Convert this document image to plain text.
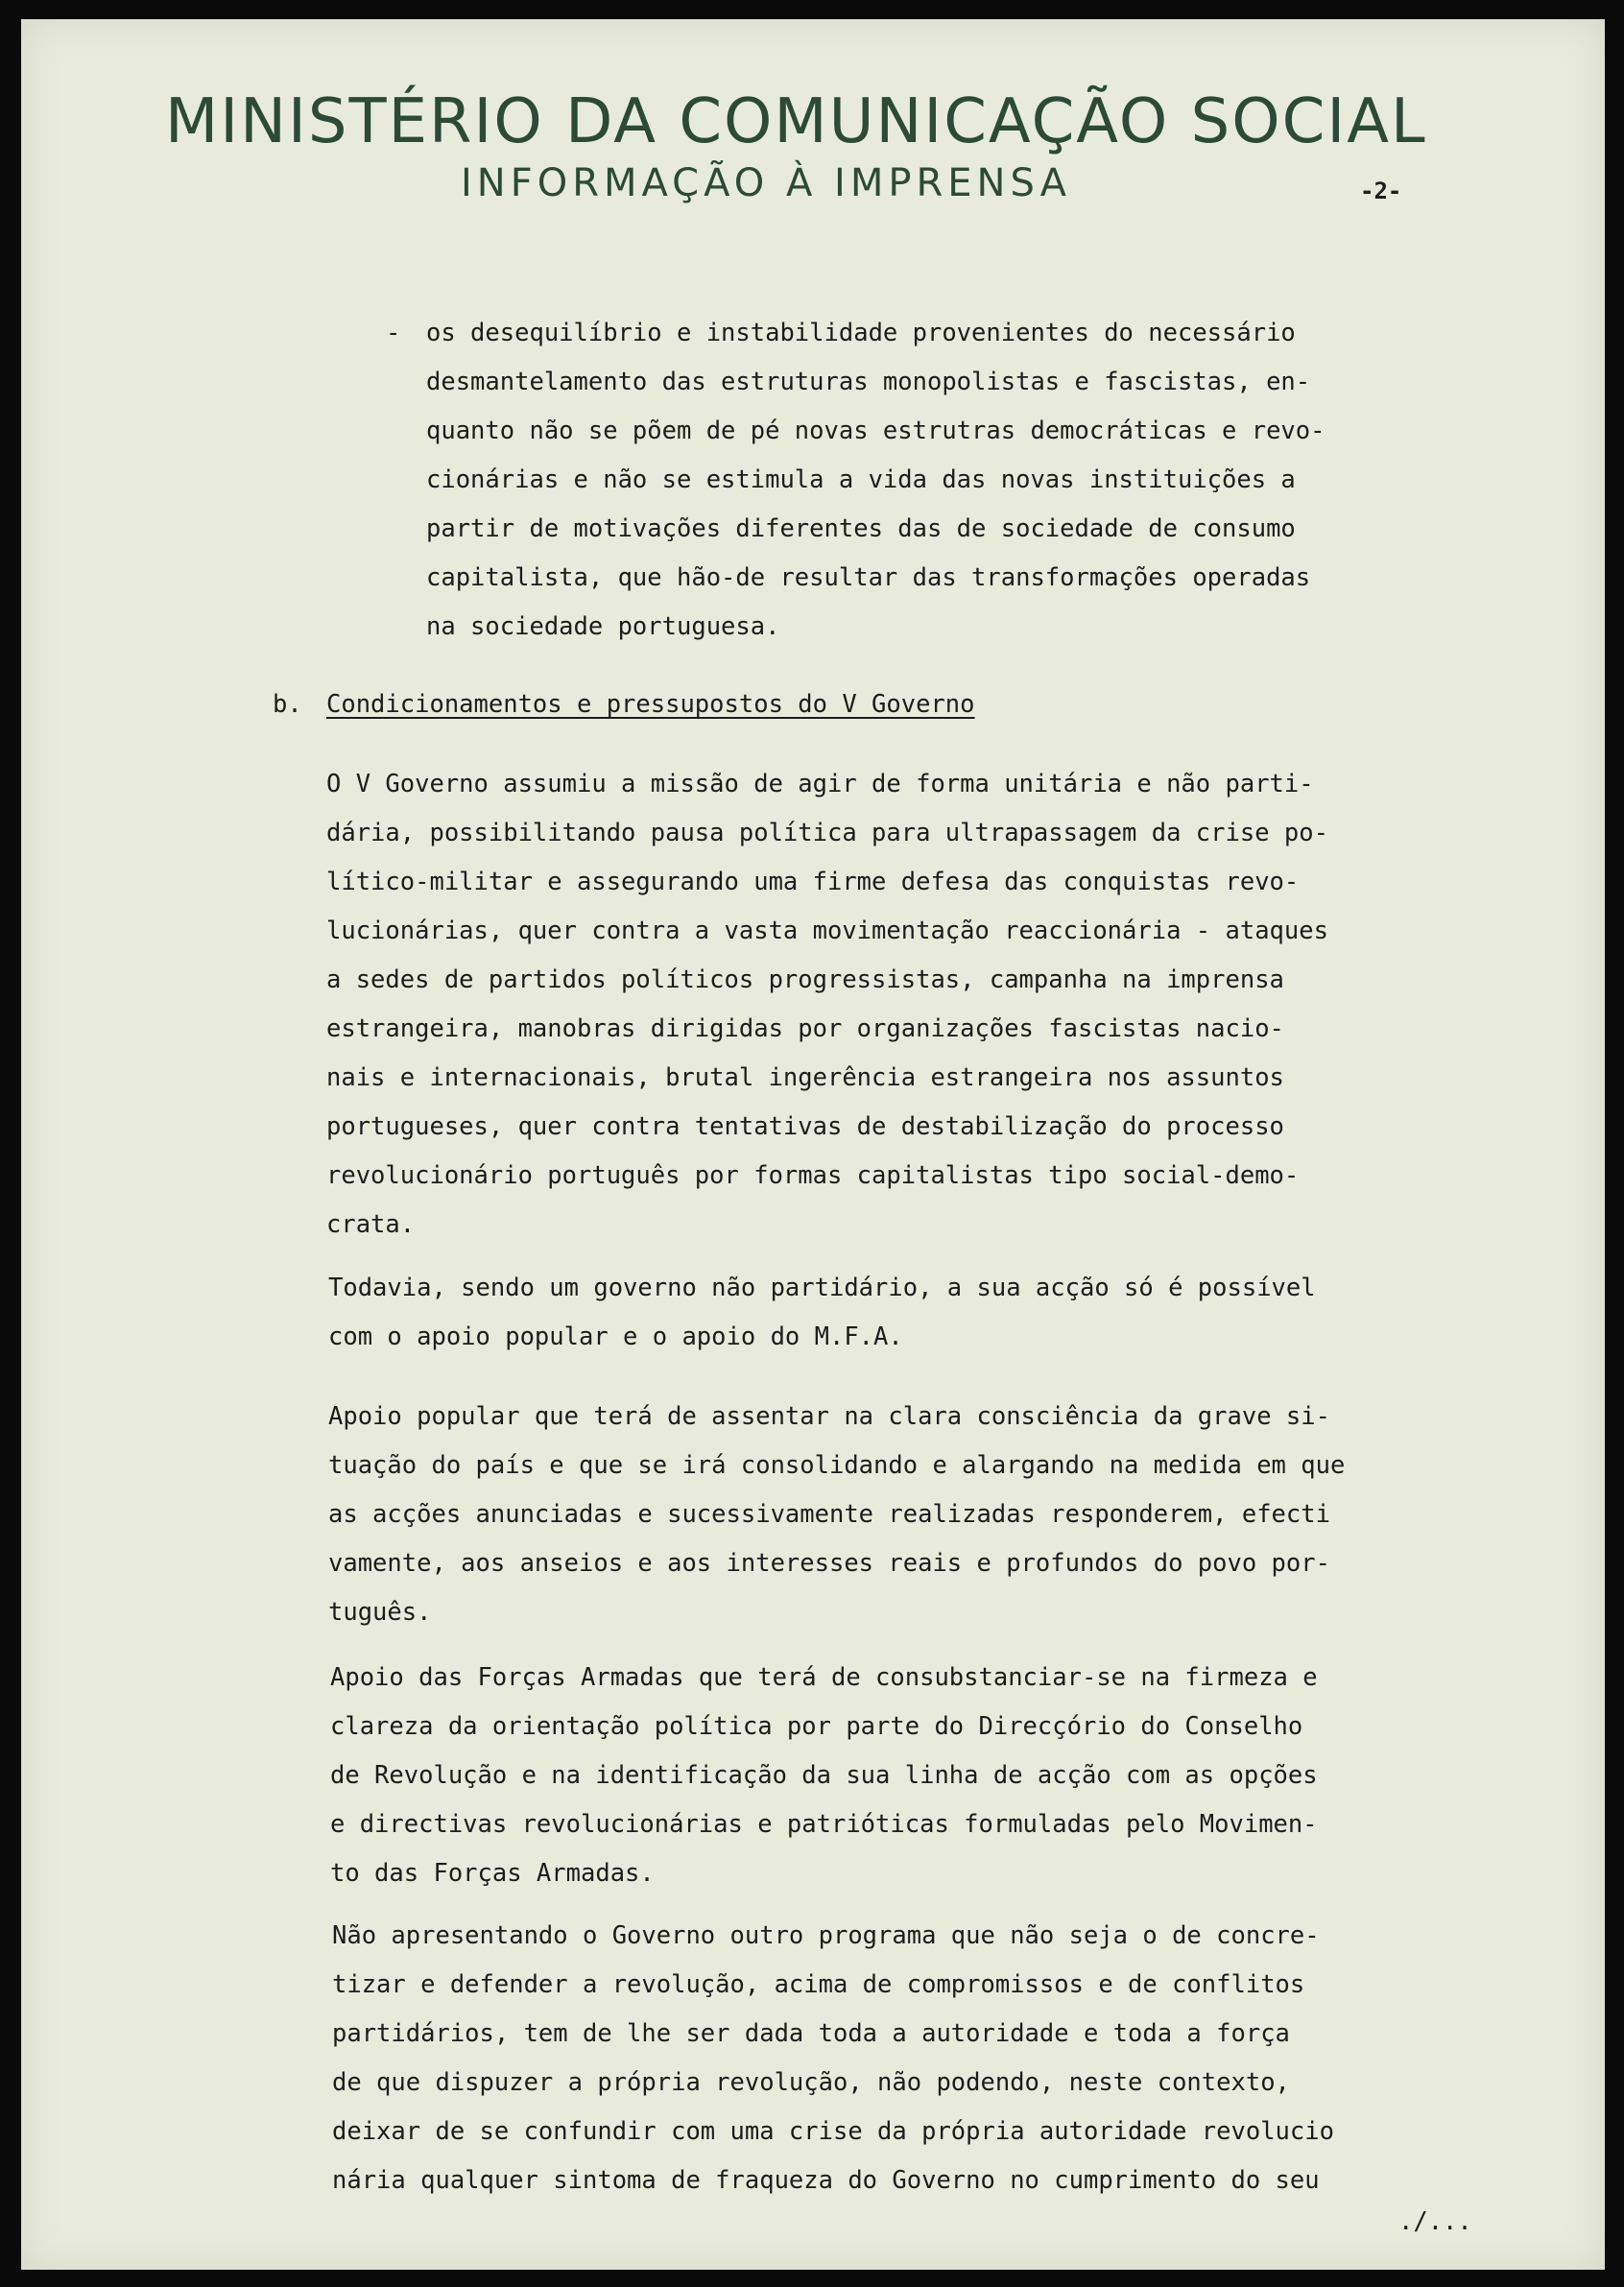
MINISTÉRIO DA COMUNICAÇÃO SOCIAL
INFORMAÇÃO À IMPRENSA	-2-
- os desequilíbrio e instabilidade provenientes do necessário

desmantelamento das estruturas monopolistas e fascistas, en-

quanto não se põem de pé novas estrutras democráticas e revo-

cionárias e não se estimula a vida das novas instituições a

partir de motivações diferentes das de sociedade de consumo

capitalista, que hão-de resultar das transformações operadas

na sociedade portuguesa.

b. Condicionamentos e pressupostos do V Governo

O V Governo assumiu a missão de agir de forma unitária e não parti-

dária, possibilitando pausa política para ultrapassagem da crise po-

lítico-militar e assegurando uma firme defesa das conquistas revo-

lucionárias, quer contra a vasta movimentação reaccionária - ataques

a sedes de partidos políticos progressistas, campanha na imprensa

estrangeira, manobras dirigidas por organizações fascistas nacio-

nais e internacionais, brutal ingerência estrangeira nos assuntos

portugueses, quer contra tentativas de destabilização do processo

revolucionário português por formas capitalistas tipo social-demo-

crata.

Todavia, sendo um governo não partidário, a sua acção só é possível

com o apoio popular e o apoio do M.F.A.

Apoio popular que terá de assentar na clara consciência da grave si-

tuação do país e que se irá consolidando e alargando na medida em que

as acções anunciadas e sucessivamente realizadas responderem, efecti

vamente, aos anseios e aos interesses reais e profundos do povo por-

tuguês.

Apoio das Forças Armadas que terá de consubstanciar-se na firmeza e

clareza da orientação política por parte do Direcçório do Conselho

de Revolução e na identificação da sua linha de acção com as opções

e directivas revolucionárias e patrióticas formuladas pelo Movimen-

to das Forças Armadas.

Não apresentando o Governo outro programa que não seja o de concre-

tizar e defender a revolução, acima de compromissos e de conflitos

partidários, tem de lhe ser dada toda a autoridade e toda a força

de que dispuzer a própria revolução, não podendo, neste contexto,

deixar de se confundir com uma crise da própria autoridade revolucio

nária qualquer sintoma de fraqueza do Governo no cumprimento do seu

./...
